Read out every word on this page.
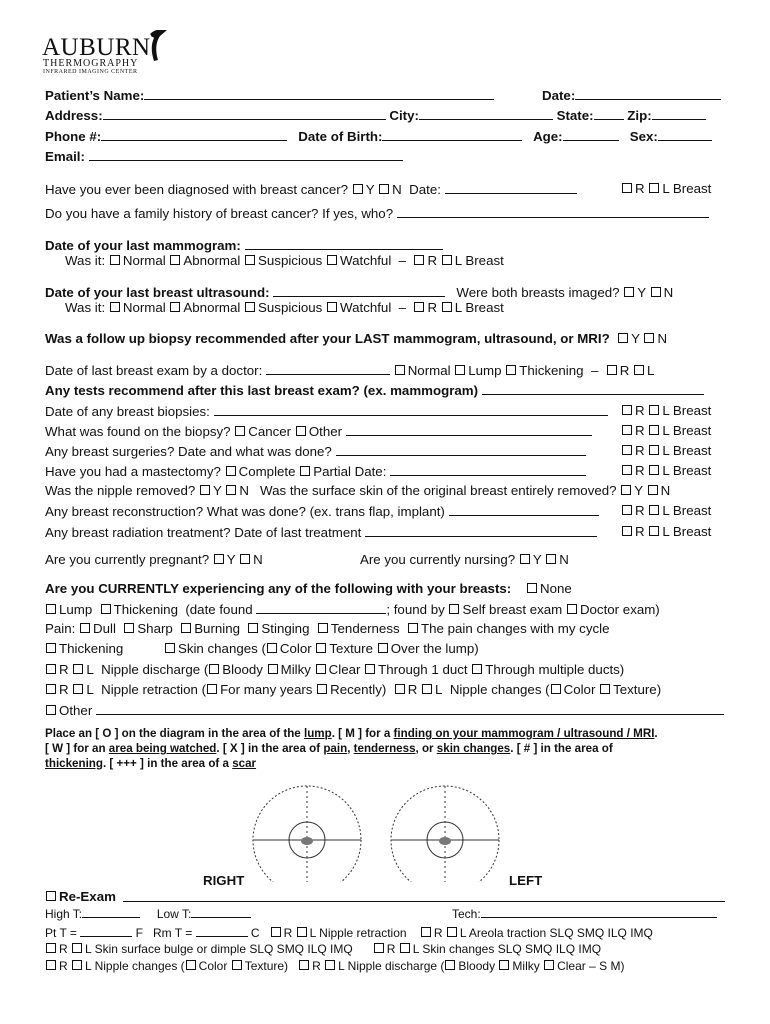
AUBURN
THERMOGRAPHY
INFRARED IMAGING CENTER
Patient’s Name:	Date:
Address:	City:	State:	Zip:
Phone #:	Date of Birth:	Age:	Sex:
Email:
Have you ever been diagnosed with breast cancer? Y N Date:	R L Breast
Do you have a family history of breast cancer? If yes, who?
Date of your last mammogram:
Was it: Normal Abnormal Suspicious Watchful – R L Breast
Date of your last breast ultrasound:	Were both breasts imaged? Y N
Was it: Normal Abnormal Suspicious Watchful – R L Breast
Was a follow up biopsy recommended after your LAST mammogram, ultrasound, or MRI? Y N
Date of last breast exam by a doctor:	Normal Lump Thickening – R L
Any tests recommend after this last breast exam? (ex. mammogram)
Date of any breast biopsies:	R L Breast
What was found on the biopsy? Cancer Other	R L Breast
Any breast surgeries? Date and what was done?	R L Breast
Have you had a mastectomy? Complete Partial Date:	R L Breast
Was the nipple removed? Y N Was the surface skin of the original breast entirely removed? Y N
Any breast reconstruction? What was done? (ex. trans flap, implant)	R L Breast
Any breast radiation treatment? Date of last treatment	R L Breast
Are you currently pregnant? Y N	Are you currently nursing? Y N
Are you CURRENTLY experiencing any of the following with your breasts: None
Lump Thickening (date found	; found by Self breast exam Doctor exam)
Pain: Dull Sharp Burning Stinging Tenderness The pain changes with my cycle
Thickening	Skin changes ( Color Texture Over the lump)
R L Nipple discharge ( Bloody Milky Clear Through 1 duct Through multiple ducts)
R L Nipple retraction ( For many years Recently) R L Nipple changes ( Color Texture)
Other
Place an [ O ] on the diagram in the area of the lump. [ M ] for a finding on your mammogram / ultrasound / MRI.
[ W ] for an area being watched. [ X ] in the area of pain, tenderness, or skin changes. [ # ] in the area of
thickening. [ +++ ] in the area of a scar
RIGHT	LEFT
Re-Exam
High T:	Low T:	Tech:
Pt T =	F Rm T =	C R L Nipple retraction R L Areola traction SLQ SMQ ILQ IMQ
R L Skin surface bulge or dimple SLQ SMQ ILQ IMQ	R L Skin changes SLQ SMQ ILQ IMQ
R L Nipple changes ( Color Texture) R L Nipple discharge ( Bloody Milky Clear – S M)
